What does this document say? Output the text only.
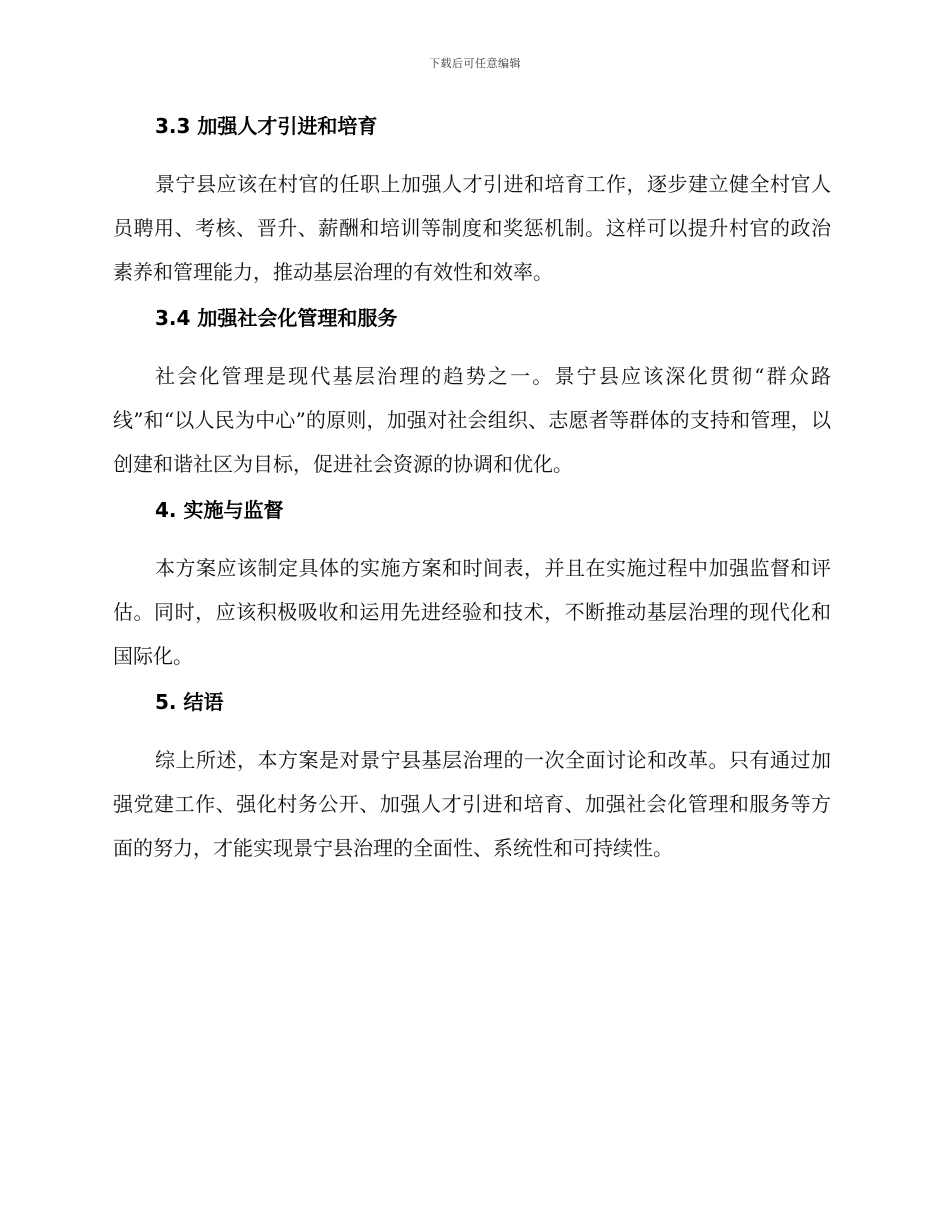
下载后可任意编辑
3.3 加强人才引进和培育

景宁县应该在村官的任职上加强人才引进和培育工作，逐步建立健全村官人员聘用、考核、晋升、薪酬和培训等制度和奖惩机制。这样可以提升村官的政治素养和管理能力，推动基层治理的有效性和效率。

3.4 加强社会化管理和服务

社会化管理是现代基层治理的趋势之一。景宁县应该深化贯彻“群众路线”和“以人民为中心”的原则，加强对社会组织、志愿者等群体的支持和管理，以创建和谐社区为目标，促进社会资源的协调和优化。

4. 实施与监督

本方案应该制定具体的实施方案和时间表，并且在实施过程中加强监督和评估。同时，应该积极吸收和运用先进经验和技术，不断推动基层治理的现代化和国际化。

5. 结语

综上所述，本方案是对景宁县基层治理的一次全面讨论和改革。只有通过加强党建工作、强化村务公开、加强人才引进和培育、加强社会化管理和服务等方面的努力，才能实现景宁县治理的全面性、系统性和可持续性。
